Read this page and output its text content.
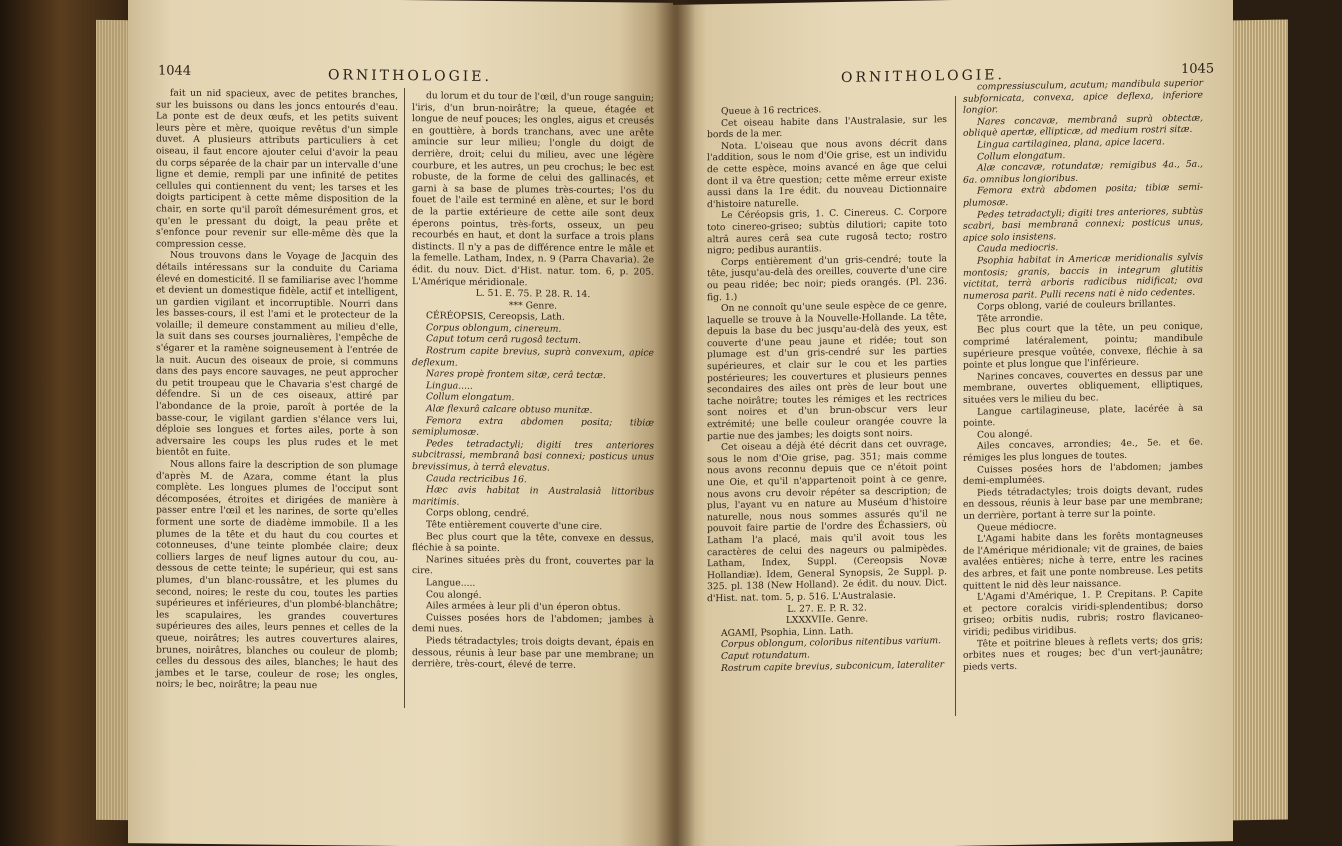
1044	ORNITHOLOGIE.

fait un nid spacieux, avec de petites branches, sur les buissons ou dans les joncs entourés d'eau. La ponte est de deux œufs, et les petits suivent leurs père et mère, quoique revêtus d'un simple duvet. A plusieurs attributs particuliers à cet oiseau, il faut encore ajouter celui d'avoir la peau du corps séparée de la chair par un intervalle d'une ligne et demie, rempli par une infinité de petites cellules qui contiennent du vent; les tarses et les doigts participent à cette même disposition de la chair, en sorte qu'il paroît démesurément gros, et qu'en le pressant du doigt, la peau prête et s'enfonce pour revenir sur elle-même dès que la compression cesse.

Nous trouvons dans le Voyage de Jacquin des détails intéressans sur la conduite du Cariama élevé en domesticité. Il se familiarise avec l'homme et devient un domestique fidèle, actif et intelligent, un gardien vigilant et incorruptible. Nourri dans les basses-cours, il est l'ami et le protecteur de la volaille; il demeure constamment au milieu d'elle, la suit dans ses courses journalières, l'empêche de s'égarer et la ramène soigneusement à l'entrée de la nuit. Aucun des oiseaux de proie, si communs dans des pays encore sauvages, ne peut approcher du petit troupeau que le Chavaria s'est chargé de défendre. Si un de ces oiseaux, attiré par l'abondance de la proie, paroît à portée de la basse-cour, le vigilant gardien s'élance vers lui, déploie ses longues et fortes ailes, porte à son adversaire les coups les plus rudes et le met bientôt en fuite.

Nous allons faire la description de son plumage d'après M. de Azara, comme étant la plus complète. Les longues plumes de l'occiput sont décomposées, étroites et dirigées de manière à passer entre l'œil et les narines, de sorte qu'elles forment une sorte de diadème immobile. Il a les plumes de la tête et du haut du cou courtes et cotonneuses, d'une teinte plombée claire; deux colliers larges de neuf lignes autour du cou, au-dessous de cette teinte; le supérieur, qui est sans plumes, d'un blanc-roussâtre, et les plumes du second, noires; le reste du cou, toutes les parties supérieures et inférieures, d'un plombé-blanchâtre; les scapulaires, les grandes couvertures supérieures des ailes, leurs pennes et celles de la queue, noirâtres; les autres couvertures alaires, brunes, noirâtres, blanches ou couleur de plomb; celles du dessous des ailes, blanches; le haut des jambes et le tarse, couleur de rose; les ongles, noirs; le bec, noirâtre; la peau nue

du lorum et du tour de l'œil, d'un rouge sanguin; l'iris, d'un brun-noirâtre; la queue, étagée et longue de neuf pouces; les ongles, aigus et creusés en gouttière, à bords tranchans, avec une arête amincie sur leur milieu; l'ongle du doigt de derrière, droit; celui du milieu, avec une légère courbure, et les autres, un peu crochus; le bec est robuste, de la forme de celui des gallinacés, et garni à sa base de plumes très-courtes; l'os du fouet de l'aile est terminé en alène, et sur le bord de la partie extérieure de cette aile sont deux éperons pointus, très-forts, osseux, un peu recourbés en haut, et dont la surface a trois plans distincts. Il n'y a pas de différence entre le mâle et la femelle. Latham, Index, n. 9 (Parra Chavaria). 2e édit. du nouv. Dict. d'Hist. natur. tom. 6, p. 205. L'Amérique méridionale.

L. 51. E. 75. P. 28. R. 14.

*** Genre.

CÉRÉOPSIS, Cereopsis, Lath.

Corpus oblongum, cinereum.

Caput totum cerâ rugosâ tectum.

Rostrum capite brevius, suprà convexum, apice deflexum.

Nares propè frontem sitæ, cerâ tectæ.

Lingua.....

Collum elongatum.

Alæ flexurâ calcare obtuso munitæ.

Femora extra abdomen posita; tibiæ semiplumosæ.

Pedes tetradactyli; digiti tres anteriores subcitrassi, membranâ basi connexi; posticus unus brevissimus, à terrâ elevatus.

Cauda rectricibus 16.

Hæc avis habitat in Australasiâ littoribus maritimis.

Corps oblong, cendré.

Tête entièrement couverte d'une cire.

Bec plus court que la tête, convexe en dessus, fléchie à sa pointe.

Narines situées près du front, couvertes par la cire.

Langue.....

Cou alongé.

Ailes armées à leur pli d'un éperon obtus.

Cuisses posées hors de l'abdomen; jambes à demi nues.

Pieds tétradactyles; trois doigts devant, épais en dessous, réunis à leur base par une membrane; un derrière, très-court, élevé de terre.

ORNITHOLOGIE.	1045

Queue à 16 rectrices.

Cet oiseau habite dans l'Australasie, sur les bords de la mer.

Nota. L'oiseau que nous avons décrit dans l'addition, sous le nom d'Oie grise, est un individu de cette espèce, moins avancé en âge que celui dont il va être question; cette même erreur existe aussi dans la 1re édit. du nouveau Dictionnaire d'histoire naturelle.

Le Céréopsis gris, 1. C. Cinereus. C. Corpore toto cinereo-griseo; subtùs dilutiori; capite toto altrâ aures cerâ sea cute rugosâ tecto; rostro nigro; pedibus aurantiis.

Corps entièrement d'un gris-cendré; toute la tête, jusqu'au-delà des oreilles, couverte d'une cire ou peau ridée; bec noir; pieds orangés. (Pl. 236. fig. 1.)

On ne connoît qu'une seule espèce de ce genre, laquelle se trouve à la Nouvelle-Hollande. La tête, depuis la base du bec jusqu'au-delà des yeux, est couverte d'une peau jaune et ridée; tout son plumage est d'un gris-cendré sur les parties supérieures, et clair sur le cou et les parties postérieures; les couvertures et plusieurs pennes secondaires des ailes ont près de leur bout une tache noirâtre; toutes les rémiges et les rectrices sont noires et d'un brun-obscur vers leur extrémité; une belle couleur orangée couvre la partie nue des jambes; les doigts sont noirs.

Cet oiseau a déjà été décrit dans cet ouvrage, sous le nom d'Oie grise, pag. 351; mais comme nous avons reconnu depuis que ce n'étoit point une Oie, et qu'il n'appartenoit point à ce genre, nous avons cru devoir répéter sa description; de plus, l'ayant vu en nature au Muséum d'histoire naturelle, nous nous sommes assurés qu'il ne pouvoit faire partie de l'ordre des Échassiers, où Latham l'a placé, mais qu'il avoit tous les caractères de celui des nageurs ou palmipèdes. Latham, Index, Suppl. (Cereopsis Novæ Hollandiæ). Idem, General Synopsis, 2e Suppl. p. 325. pl. 138 (New Holland). 2e édit. du nouv. Dict. d'Hist. nat. tom. 5, p. 516. L'Australasie.

L. 27. E. P. R. 32.

LXXXVIIe. Genre.

AGAMI, Psophia, Linn. Lath.

Corpus oblongum, coloribus nitentibus varium.

Caput rotundatum.

Rostrum capite brevius, subconicum, lateraliter

compressiusculum, acutum; mandibula superior subfornicata, convexa, apice deflexa, inferiore longior.

Nares concavæ, membranâ suprà obtectæ, obliquè apertæ, ellipticæ, ad medium rostri sitæ.

Lingua cartilaginea, plana, apice lacera.

Collum elongatum.

Alæ concavæ, rotundatæ; remigibus 4a., 5a., 6a. omnibus longioribus.

Femora extrà abdomen posita; tibiæ semi-plumosæ.

Pedes tetradactyli; digiti tres anteriores, subtùs scabri, basi membranâ connexi; posticus unus, apice solo insistens.

Cauda mediocris.

Psophia habitat in Americæ meridionalis sylvis montosis; granis, baccis in integrum glutitis victitat, terrà arboris radicibus nidificat; ova numerosa parit. Pulli recens nati è nido cedentes.

Corps oblong, varié de couleurs brillantes.

Tête arrondie.

Bec plus court que la tête, un peu conique, comprimé latéralement, pointu; mandibule supérieure presque voûtée, convexe, fléchie à sa pointe et plus longue que l'inférieure.

Narines concaves, couvertes en dessus par une membrane, ouvertes obliquement, elliptiques, situées vers le milieu du bec.

Langue cartilagineuse, plate, lacérée à sa pointe.

Cou alongé.

Ailes concaves, arrondies; 4e., 5e. et 6e. rémiges les plus longues de toutes.

Cuisses posées hors de l'abdomen; jambes demi-emplumées.

Pieds tétradactyles; trois doigts devant, rudes en dessous, réunis à leur base par une membrane; un derrière, portant à terre sur la pointe.

Queue médiocre.

L'Agami habite dans les forêts montagneuses de l'Amérique méridionale; vit de graines, de baies avalées entières; niche à terre, entre les racines des arbres, et fait une ponte nombreuse. Les petits quittent le nid dès leur naissance.

L'Agami d'Amérique, 1. P. Crepitans. P. Capite et pectore coralcis viridi-splendentibus; dorso griseo; orbitis nudis, rubris; rostro flavicaneo-viridi; pedibus viridibus.

Tête et poitrine bleues à reflets verts; dos gris; orbites nues et rouges; bec d'un vert-jaunâtre; pieds verts.
